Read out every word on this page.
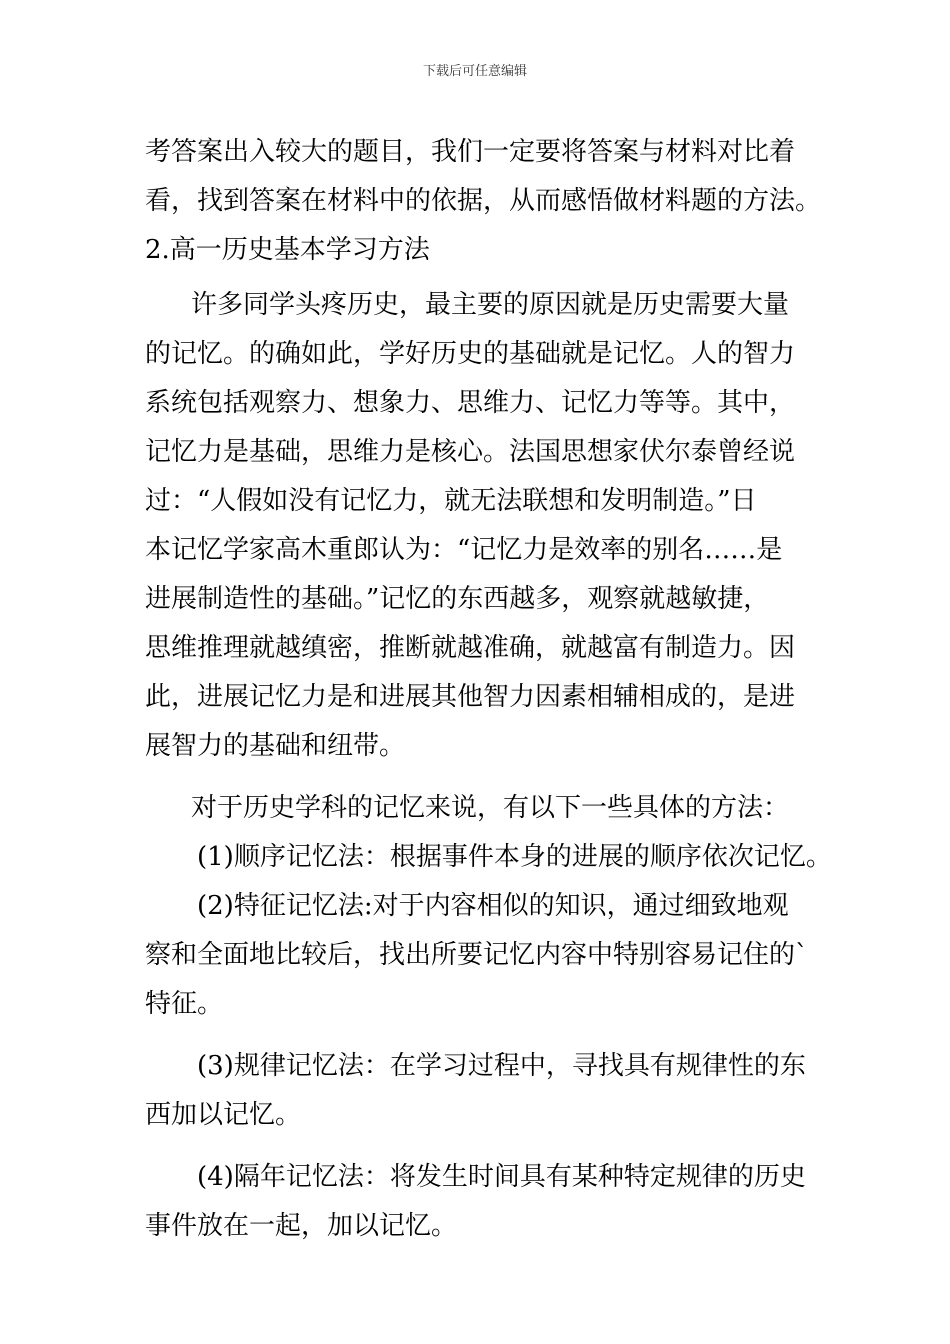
下载后可任意编辑
考答案出入较大的题目，我们一定要将答案与材料对比着
看，找到答案在材料中的依据，从而感悟做材料题的方法。
2.高一历史基本学习方法
许多同学头疼历史，最主要的原因就是历史需要大量
的记忆。的确如此，学好历史的基础就是记忆。人的智力
系统包括观察力、想象力、思维力、记忆力等等。其中，
记忆力是基础，思维力是核心。法国思想家伏尔泰曾经说
过：“人假如没有记忆力，就无法联想和发明制造。”日
本记忆学家高木重郎认为：“记忆力是效率的别名……是
进展制造性的基础。”记忆的东西越多，观察就越敏捷，
思维推理就越缜密，推断就越准确，就越富有制造力。因
此，进展记忆力是和进展其他智力因素相辅相成的，是进
展智力的基础和纽带。
对于历史学科的记忆来说，有以下一些具体的方法：
(1)顺序记忆法：根据事件本身的进展的顺序依次记忆。
(2)特征记忆法:对于内容相似的知识，通过细致地观
察和全面地比较后，找出所要记忆内容中特别容易记住的`
特征。
(3)规律记忆法：在学习过程中，寻找具有规律性的东
西加以记忆。
(4)隔年记忆法：将发生时间具有某种特定规律的历史
事件放在一起，加以记忆。
